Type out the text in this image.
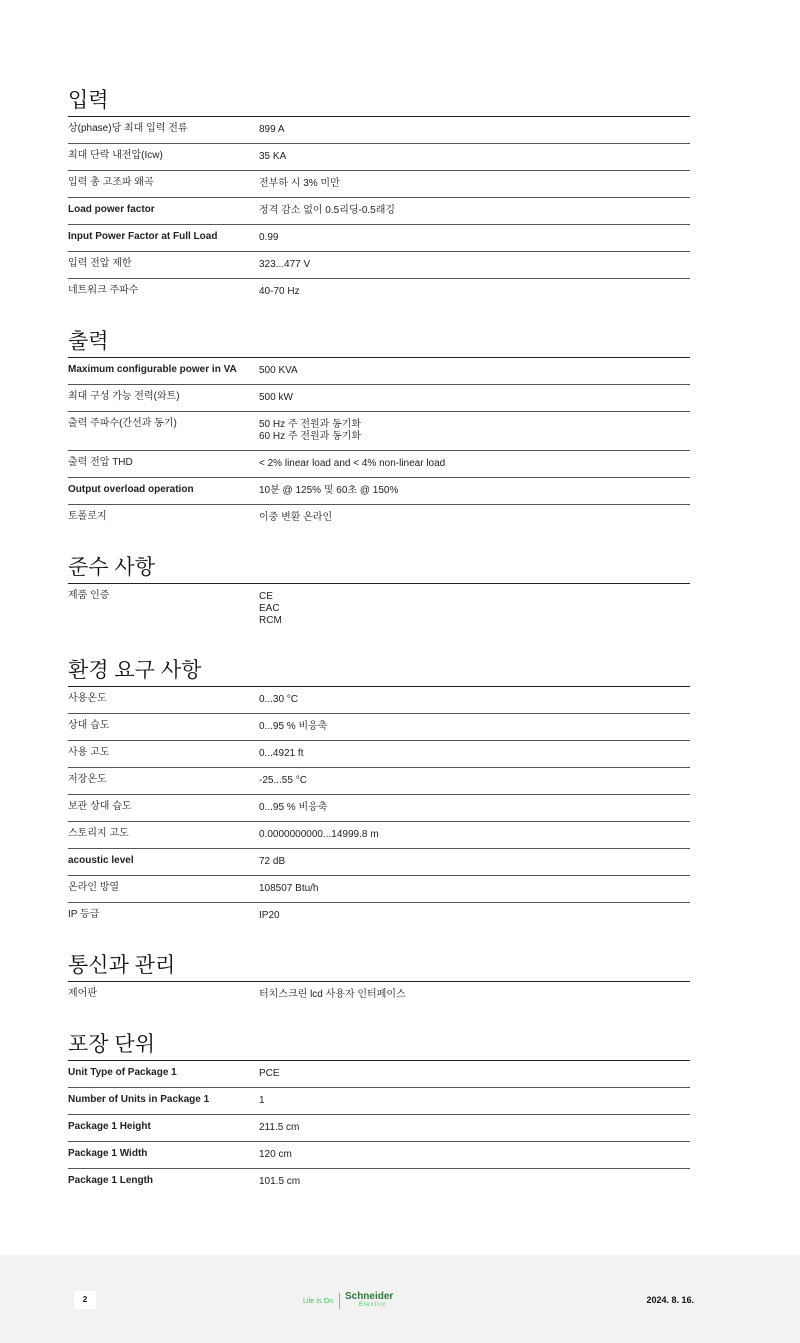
입력
상(phase)당 최대 입력 전류	899 A
최대 단락 내전압(Icw)	35 KA
입력 총 고조파 왜곡	전부하 시 3% 미만
Load power factor	정격 감소 없이 0.5리딩-0.5래깅
Input Power Factor at Full Load	0.99
입력 전압 제한	323...477 V
네트워크 주파수	40-70 Hz
출력
Maximum configurable power in VA	500 KVA
최대 구성 가능 전력(와트)	500 kW
출력 주파수(간선과 동기)	50 Hz 주 전원과 동기화
60 Hz 주 전원과 동기화
출력 전압 THD	< 2% linear load and < 4% non-linear load
Output overload operation	10분 @ 125% 및 60초 @ 150%
토폴로지	이중 변환 온라인
준수 사항
제품 인증	CE
EAC
RCM
환경 요구 사항
사용온도	0...30 °C
상대 습도	0...95 % 비응축
사용 고도	0...4921 ft
저장온도	-25...55 °C
보관 상대 습도	0...95 % 비응축
스토리지 고도	0.0000000000...14999.8 m
acoustic level	72 dB
온라인 방열	108507 Btu/h
IP 등급	IP20
통신과 관리
제어판	터치스크린 lcd 사용자 인터페이스
포장 단위
Unit Type of Package 1	PCE
Number of Units in Package 1	1
Package 1 Height	211.5 cm
Package 1 Width	120 cm
Package 1 Length	101.5 cm
2	Life Is On Schneider
Electric	2024. 8. 16.
